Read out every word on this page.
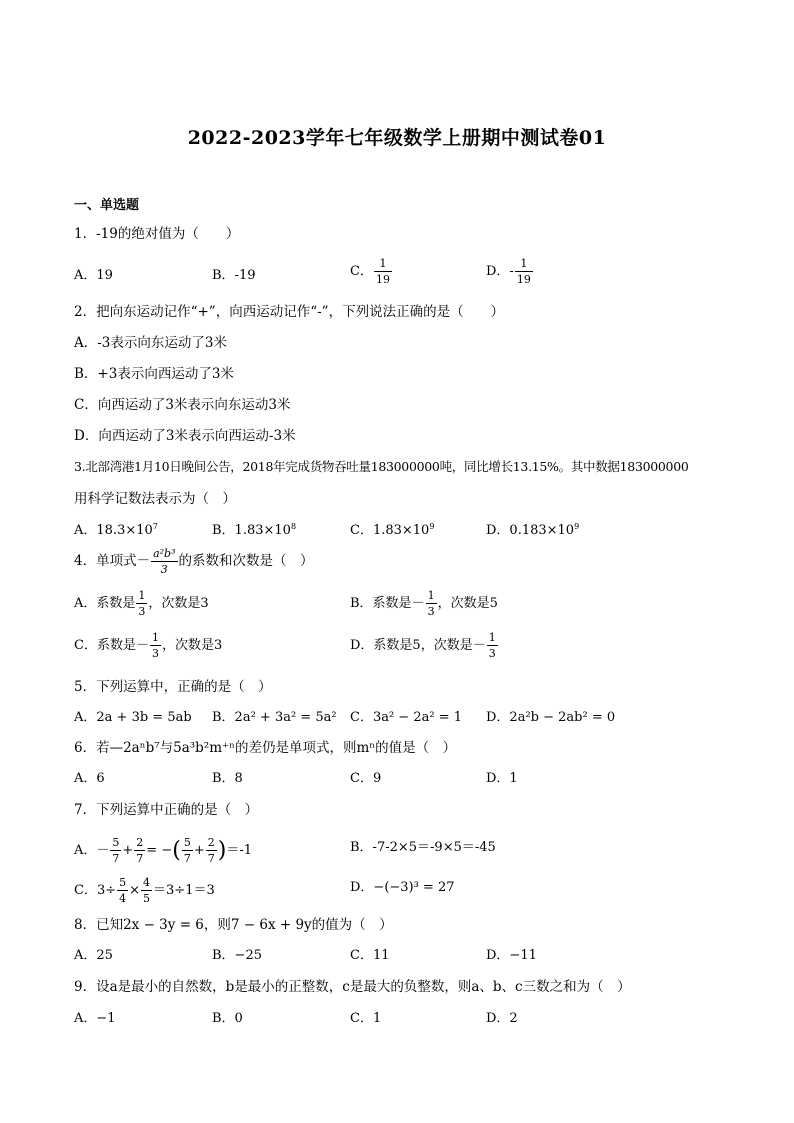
2022-2023学年七年级数学上册期中测试卷01
一、单选题
1．-19的绝对值为（　　）
A．19	B．-19	C． $\frac{1}{19}$	D．- $\frac{1}{19}$
2．把向东运动记作“+”，向西运动记作“-”，下列说法正确的是（　　）
A．-3表示向东运动了3米
B．+3表示向西运动了3米
C．向西运动了3米表示向东运动3米
D．向西运动了3米表示向西运动-3米
3.北部湾港1月10日晚间公告，2018年完成货物吞吐量183000000吨，同比增长13.15%。其中数据183000000
用科学记数法表示为（　）
A．$18.3\times 10^7$	B．$1.83\times 10^8$	C．$1.83\times 10^9$	D．$0.183\times 10^9$
4．单项式－ $\frac{\text{a²b³}}{3}$ 的系数和次数是（　）
A．系数是 $\frac{1}{3}$ ，次数是3	B．系数是－ $\frac{1}{3}$ ，次数是5
C．系数是－ $\frac{1}{3}$ ，次数是3	D．系数是5，次数是－ $\frac{1}{3}$
5．下列运算中，正确的是（　）
A．2a + 3b = 5ab B．2a² + 3a² = 5a² C．3a² − 2a² = 1 D．2a²b − 2ab² = 0
6．若—2aⁿb⁷与5a³b²m⁺ⁿ的差仍是单项式，则mⁿ的值是（　）
A．6	B．8	C．9	D．1
7．下列运算中正确的是（　）
A．－ $\frac{5}{7} + \frac{2}{7}$ = −( $\frac{5}{7} + \frac{2}{7} )=-1$	B．-7-2×5＝-9×5＝-45
C．$3\div \frac{5}{4} \times \frac{4}{5} =3\div 1=3$	D．−(−3)³ = 27
8．已知2x − 3y = 6，则7 − 6x + 9y的值为（　）
A．25	B．−25	C．11	D．−11
9．设a是最小的自然数，b是最小的正整数，c是最大的负整数，则a、b、c三数之和为（　）
A．−1	B．0	C．1	D．2
